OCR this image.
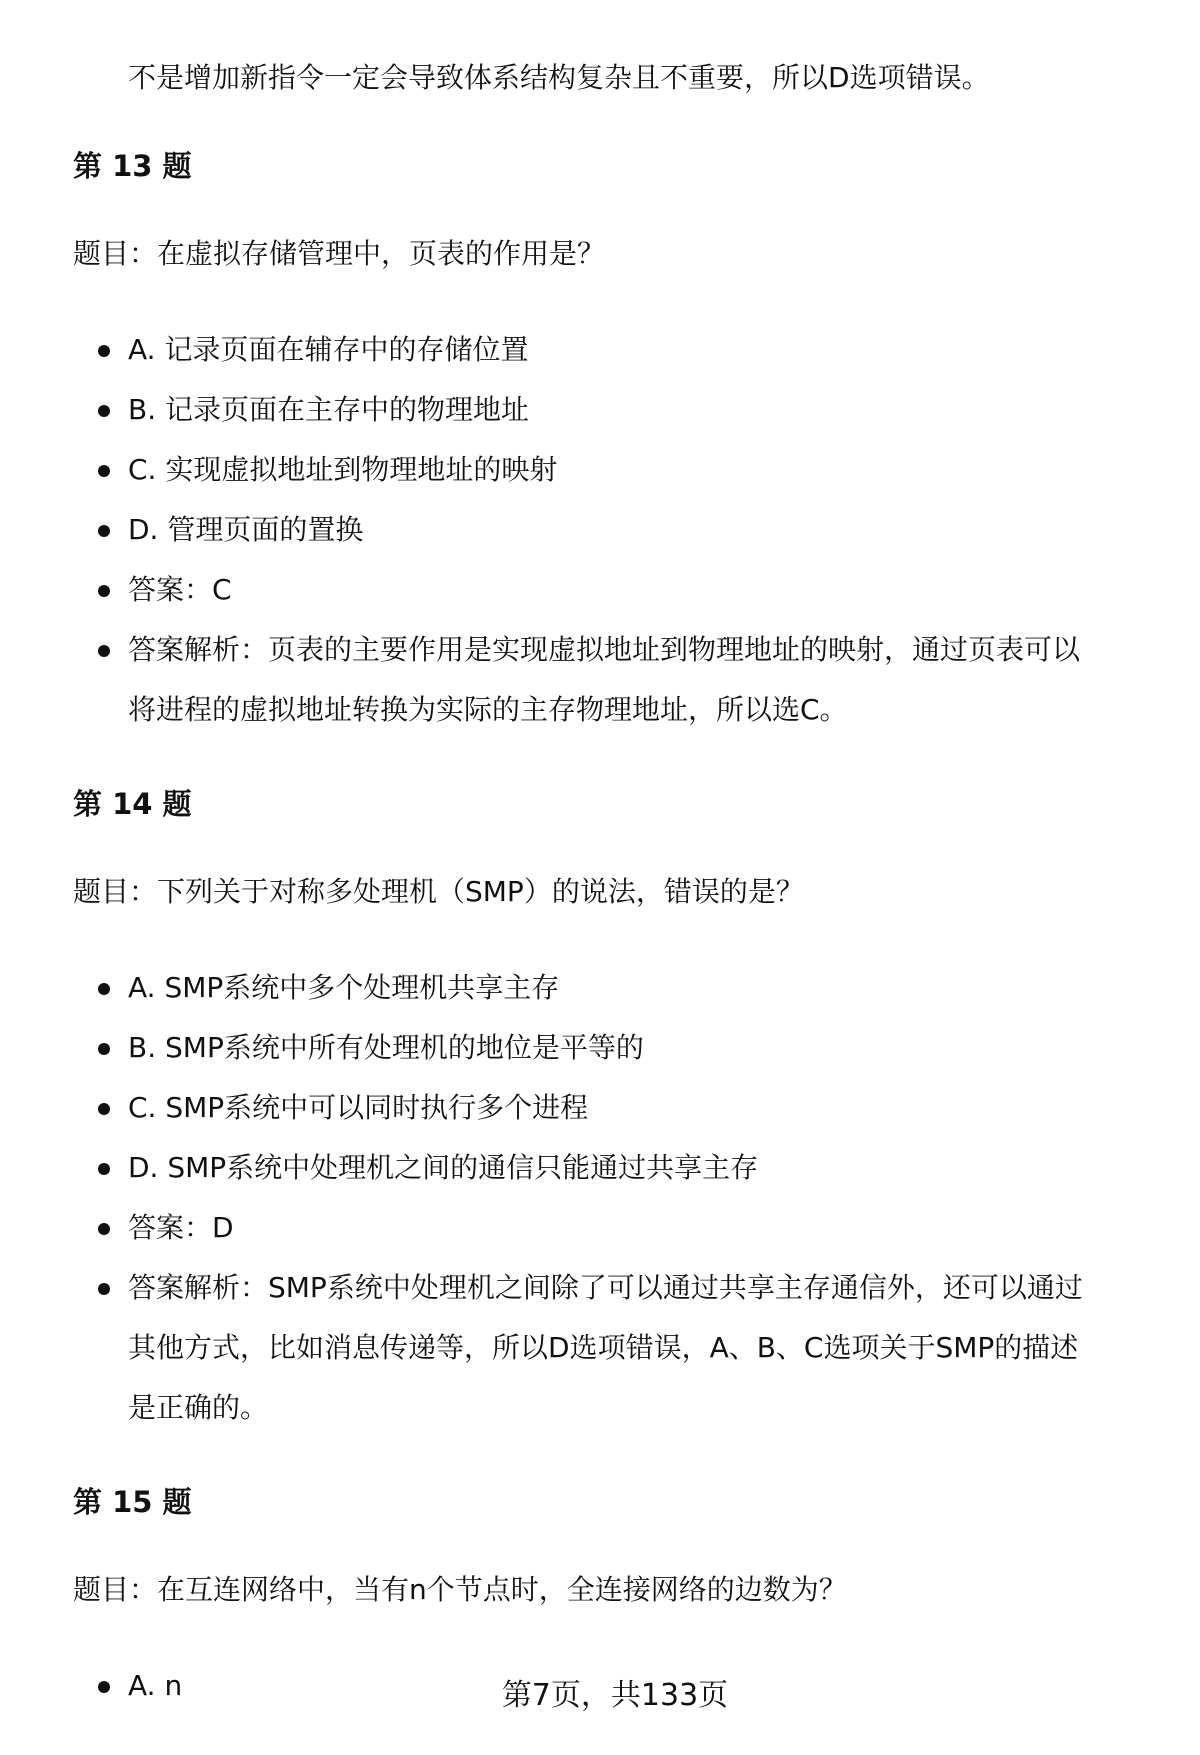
不是增加新指令一定会导致体系结构复杂且不重要，所以D选项错误。

第 13 题
题目：在虚拟存储管理中，页表的作用是？
A. 记录页面在辅存中的存储位置
B. 记录页面在主存中的物理地址
C. 实现虚拟地址到物理地址的映射
D. 管理页面的置换
答案：C
答案解析：页表的主要作用是实现虚拟地址到物理地址的映射，通过页表可以
将进程的虚拟地址转换为实际的主存物理地址，所以选C。
第 14 题
题目：下列关于对称多处理机（SMP）的说法，错误的是？
A. SMP系统中多个处理机共享主存
B. SMP系统中所有处理机的地位是平等的
C. SMP系统中可以同时执行多个进程
D. SMP系统中处理机之间的通信只能通过共享主存
答案：D
答案解析：SMP系统中处理机之间除了可以通过共享主存通信外，还可以通过
其他方式，比如消息传递等，所以D选项错误，A、B、C选项关于SMP的描述
是正确的。
第 15 题
题目：在互连网络中，当有n个节点时，全连接网络的边数为？
A. n	第7页，共133页
